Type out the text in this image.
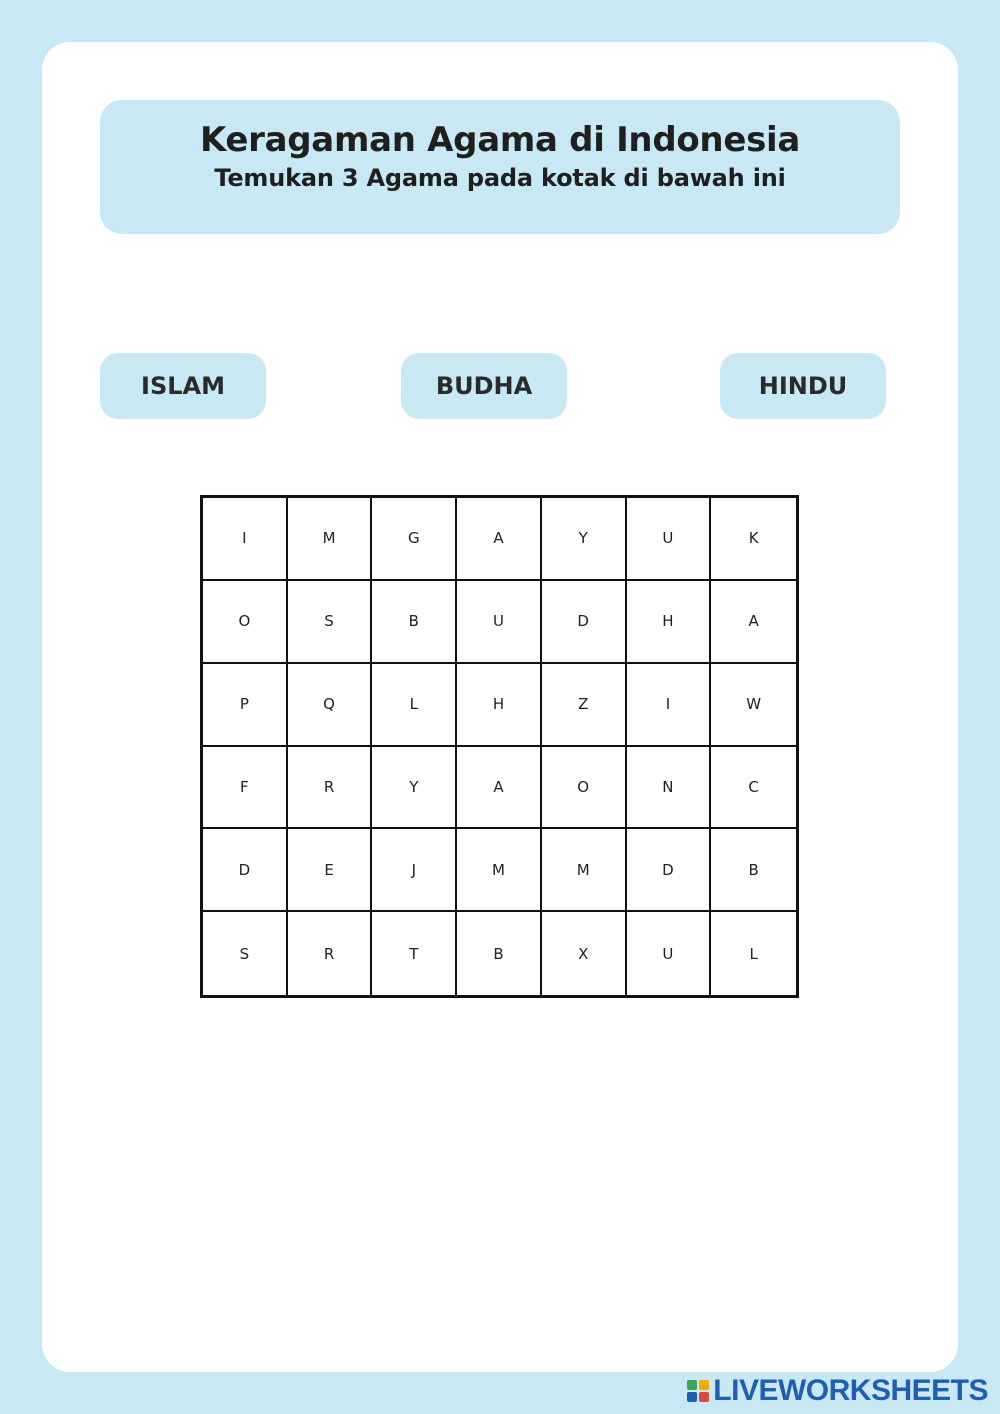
Keragaman Agama di Indonesia
Temukan 3 Agama pada kotak di bawah ini
ISLAM	BUDHA	HINDU
I	M	G	A	Y	U	K
O	S	B	U	D	H	A
P	Q	L	H	Z	I	W
F	R	Y	A	O	N	C
D	E	J	M	M	D	B
S	R	T	B	X	U	L
LIVEWORKSHEETS
